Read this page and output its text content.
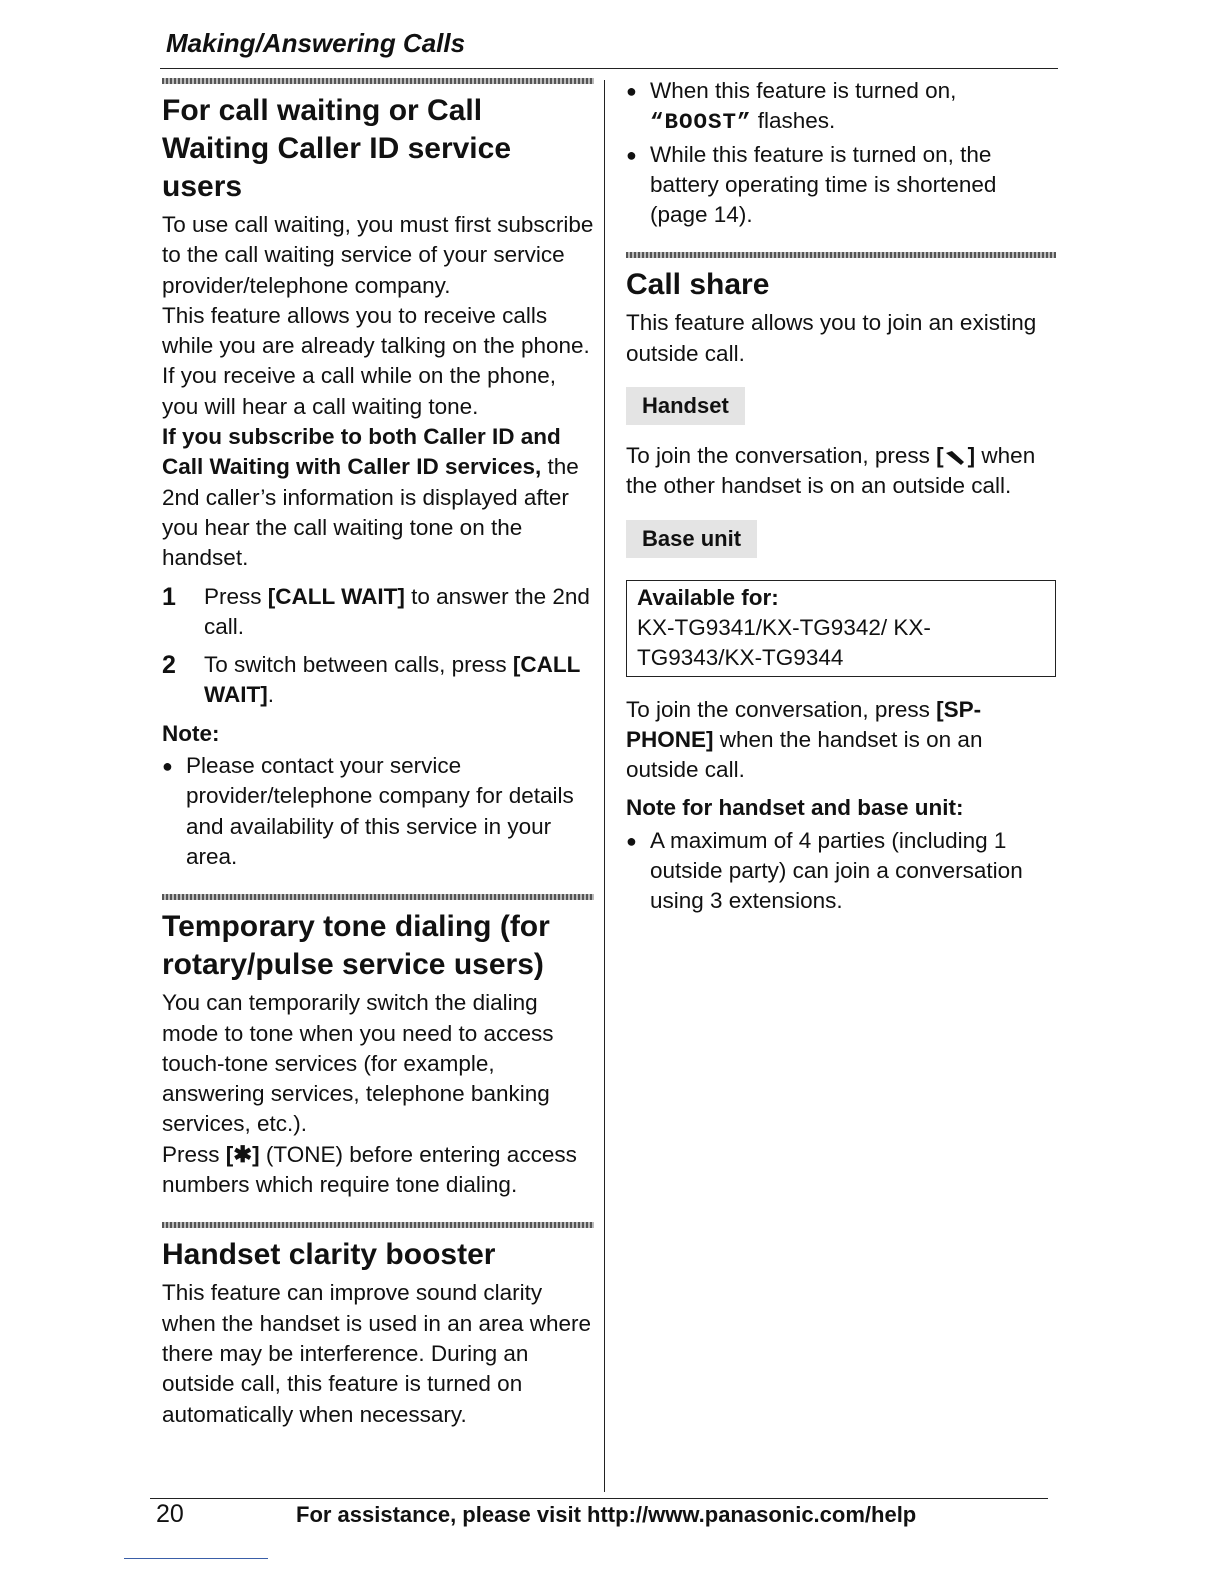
Making/Answering Calls
For call waiting or Call Waiting Caller ID service users

To use call waiting, you must first subscribe to the call waiting service of your service provider/telephone company.

This feature allows you to receive calls while you are already talking on the phone. If you receive a call while on the phone, you will hear a call waiting tone.

If you subscribe to both Caller ID and Call Waiting with Caller ID services, the 2nd caller’s information is displayed after you hear the call waiting tone on the handset.

1	Press [CALL WAIT] to answer the 2nd call.
2	To switch between calls, press [CALL WAIT].
Note:
● Please contact your service provider/telephone company for details and availability of this service in your area.
Temporary tone dialing (for rotary/pulse service users)

You can temporarily switch the dialing mode to tone when you need to access touch-tone services (for example, answering services, telephone banking services, etc.).

Press [✱] (TONE) before entering access numbers which require tone dialing.

Handset clarity booster

This feature can improve sound clarity when the handset is used in an area where there may be interference. During an outside call, this feature is turned on automatically when necessary.

● When this feature is turned on, “BOOST” flashes.
● While this feature is turned on, the battery operating time is shortened (page 14).
Call share

This feature allows you to join an existing outside call.

Handset

To join the conversation, press [ ] when the other handset is on an outside call.

Base unit
Available for:
KX-TG9341/KX-TG9342/ KX-TG9343/KX-TG9344

To join the conversation, press [SP-PHONE] when the handset is on an outside call.

Note for handset and base unit:
● A maximum of 4 parties (including 1 outside party) can join a conversation using 3 extensions.
20	For assistance, please visit http://www.panasonic.com/help
